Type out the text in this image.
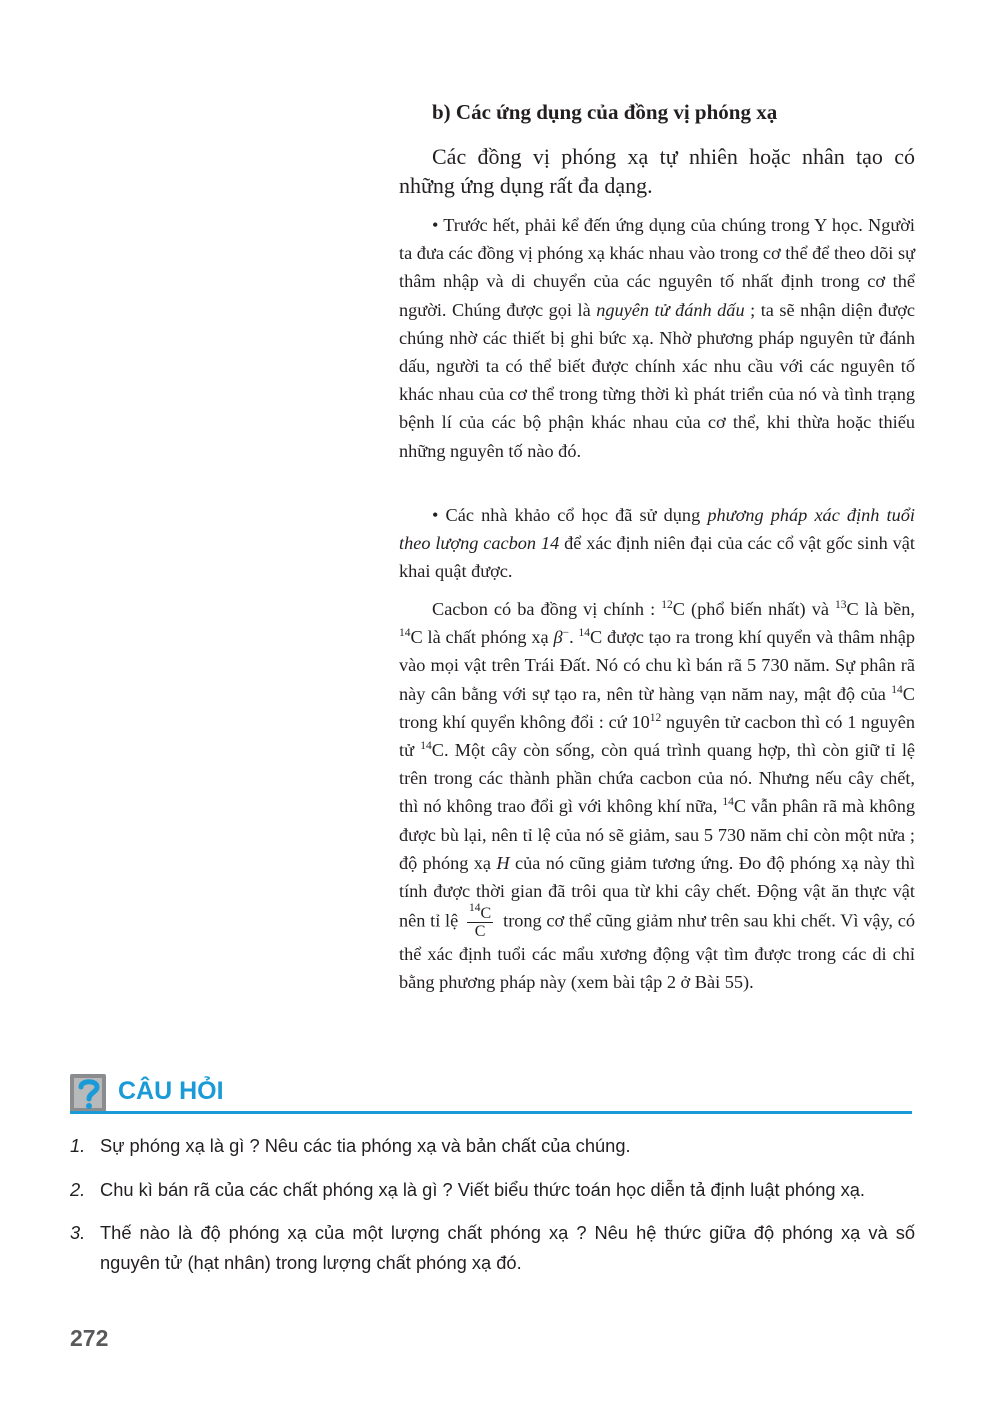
b) Các ứng dụng của đồng vị phóng xạ

Các đồng vị phóng xạ tự nhiên hoặc nhân tạo có những ứng dụng rất đa dạng.

• Trước hết, phải kể đến ứng dụng của chúng trong Y học. Người ta đưa các đồng vị phóng xạ khác nhau vào trong cơ thể để theo dõi sự thâm nhập và di chuyển của các nguyên tố nhất định trong cơ thể người. Chúng được gọi là nguyên tử đánh dấu ; ta sẽ nhận diện được chúng nhờ các thiết bị ghi bức xạ. Nhờ phương pháp nguyên tử đánh dấu, người ta có thể biết được chính xác nhu cầu với các nguyên tố khác nhau của cơ thể trong từng thời kì phát triển của nó và tình trạng bệnh lí của các bộ phận khác nhau của cơ thể, khi thừa hoặc thiếu những nguyên tố nào đó.

• Các nhà khảo cổ học đã sử dụng phương pháp xác định tuổi theo lượng cacbon 14 để xác định niên đại của các cổ vật gốc sinh vật khai quật được.

Cacbon có ba đồng vị chính : $^{12}$C (phổ biến nhất) và $^{13}$C là bền, $^{14}$C là chất phóng xạ β−. $^{14}$C được tạo ra trong khí quyển và thâm nhập vào mọi vật trên Trái Đất. Nó có chu kì bán rã 5 730 năm. Sự phân rã này cân bằng với sự tạo ra, nên từ hàng vạn năm nay, mật độ của $^{14}$C trong khí quyển không đổi : cứ $10^{12}$ nguyên tử cacbon thì có 1 nguyên tử $^{14}$C. Một cây còn sống, còn quá trình quang hợp, thì còn giữ tỉ lệ trên trong các thành phần chứa cacbon của nó. Nhưng nếu cây chết, thì nó không trao đổi gì với không khí nữa, $^{14}$C vẫn phân rã mà không được bù lại, nên tỉ lệ của nó sẽ giảm, sau 5 730 năm chỉ còn một nửa ; độ phóng xạ H của nó cũng giảm tương ứng. Đo độ phóng xạ này thì tính được thời gian đã trôi qua từ khi cây chết. Động vật ăn thực vật nên tỉ lệ $\frac{^{14}C}{C}$ trong cơ thể cũng giảm như trên sau khi chết. Vì vậy, có thể xác định tuổi các mẩu xương động vật tìm được trong các di chỉ bằng phương pháp này (xem bài tập 2 ở Bài 55).

CÂU HỎI
1. Sự phóng xạ là gì ? Nêu các tia phóng xạ và bản chất của chúng.
2. Chu kì bán rã của các chất phóng xạ là gì ? Viết biểu thức toán học diễn tả định luật phóng xạ.
3. Thế nào là độ phóng xạ của một lượng chất phóng xạ ? Nêu hệ thức giữa độ phóng xạ và số nguyên tử (hạt nhân) trong lượng chất phóng xạ đó.
272
